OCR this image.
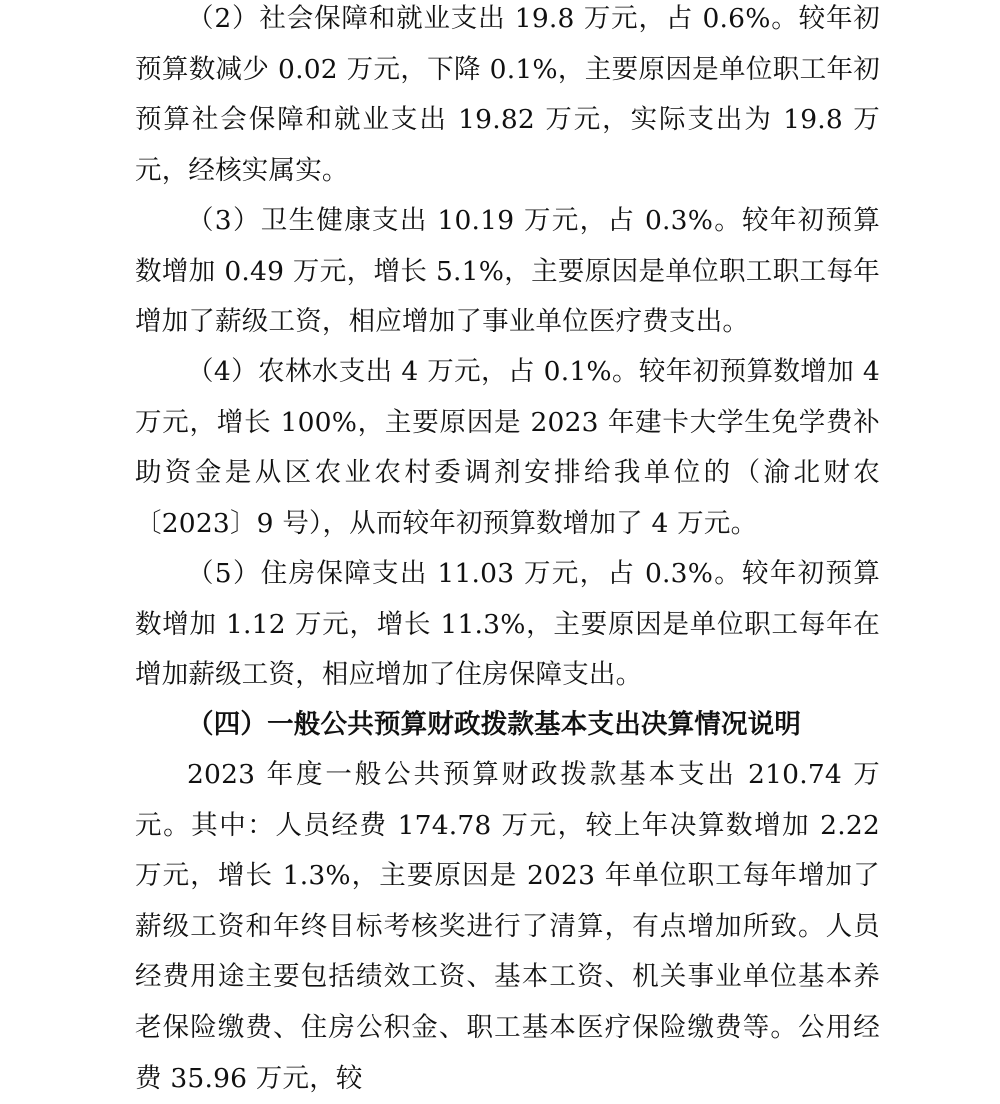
（2）社会保障和就业支出 19.8 万元，占 0.6%。较年初预算数减少 0.02 万元，下降 0.1%，主要原因是单位职工年初预算社会保障和就业支出 19.82 万元，实际支出为 19.8 万元，经核实属实。

（3）卫生健康支出 10.19 万元，占 0.3%。较年初预算数增加 0.49 万元，增长 5.1%，主要原因是单位职工职工每年增加了薪级工资，相应增加了事业单位医疗费支出。

（4）农林水支出 4 万元，占 0.1%。较年初预算数增加 4 万元，增长 100%，主要原因是 2023 年建卡大学生免学费补助资金是从区农业农村委调剂安排给我单位的（渝北财农〔2023〕9 号），从而较年初预算数增加了 4 万元。

（5）住房保障支出 11.03 万元，占 0.3%。较年初预算数增加 1.12 万元，增长 11.3%，主要原因是单位职工每年在增加薪级工资，相应增加了住房保障支出。

（四）一般公共预算财政拨款基本支出决算情况说明

2023 年度一般公共预算财政拨款基本支出 210.74 万元。其中：人员经费 174.78 万元，较上年决算数增加 2.22 万元，增长 1.3%，主要原因是 2023 年单位职工每年增加了薪级工资和年终目标考核奖进行了清算，有点增加所致。人员经费用途主要包括绩效工资、基本工资、机关事业单位基本养老保险缴费、住房公积金、职工基本医疗保险缴费等。公用经费 35.96 万元，较
